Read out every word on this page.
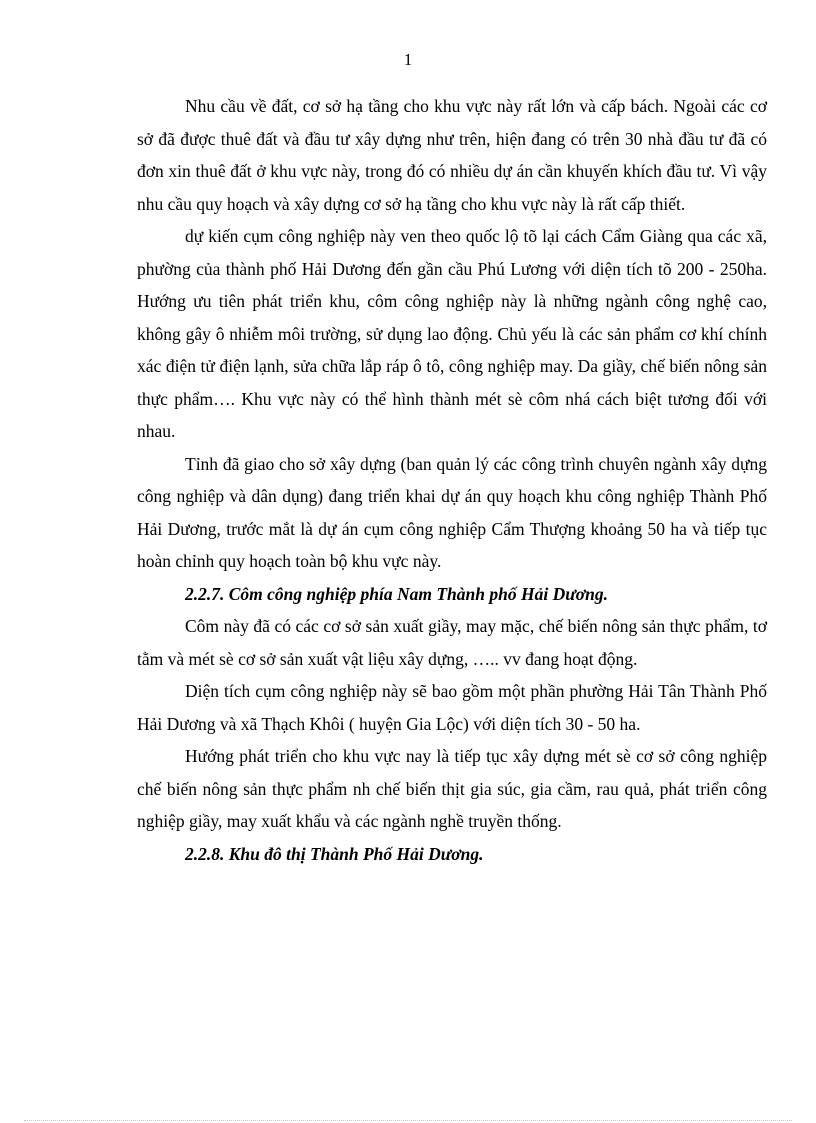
1

Nhu cầu về đất, cơ sở hạ tầng cho khu vực này rất lớn và cấp bách. Ngoài các cơ sở đã được thuê đất và đầu tư xây dựng như trên, hiện đang có trên 30 nhà đầu tư đã có đơn xin thuê đất ở khu vực này, trong đó có nhiều dự án cần khuyến khích đầu tư. Vì vậy nhu cầu quy hoạch và xây dựng cơ sở hạ tầng cho khu vực này là rất cấp thiết.

dự kiến cụm công nghiệp này ven theo quốc lộ tõ lại cách Cẩm Giàng qua các xã, phường của thành phố Hải Dương đến gần cầu Phú Lương với diện tích tõ 200 - 250ha. Hướng ưu tiên phát triển khu, côm công nghiệp này là những ngành công nghệ cao, không gây ô nhiễm môi trường, sử dụng lao động. Chủ yếu là các sản phẩm cơ khí chính xác điện tử điện lạnh, sửa chữa lắp ráp ô tô, công nghiệp may. Da giầy, chế biến nông sản thực phẩm…. Khu vực này có thể hình thành mét sè côm nhá cách biệt tương đối với nhau.

Tỉnh đã giao cho sở xây dựng (ban quản lý các công trình chuyên ngành xây dựng công nghiệp và dân dụng) đang triển khai dự án quy hoạch khu công nghiệp Thành Phố Hải Dương, trước mắt là dự án cụm công nghiệp Cẩm Thượng khoảng 50 ha và tiếp tục hoàn chỉnh quy hoạch toàn bộ khu vực này.

2.2.7. Côm công nghiệp phía Nam Thành phố Hải Dương.

Côm này đã có các cơ sở sản xuất giầy, may mặc, chế biến nông sản thực phẩm, tơ tằm và mét sè cơ sở sản xuất vật liệu xây dựng, ….. vv đang hoạt động.

Diện tích cụm công nghiệp này sẽ bao gồm một phần phường Hải Tân Thành Phố Hải Dương và xã Thạch Khôi ( huyện Gia Lộc) với diện tích 30 - 50 ha.

Hướng phát triển cho khu vực nay là tiếp tục xây dựng mét sè cơ sở công nghiệp chế biến nông sản thực phẩm nh chế biến thịt gia súc, gia cầm, rau quả, phát triển công nghiệp giầy, may xuất khẩu và các ngành nghề truyền thống.

2.2.8. Khu đô thị Thành Phố Hải Dương.
